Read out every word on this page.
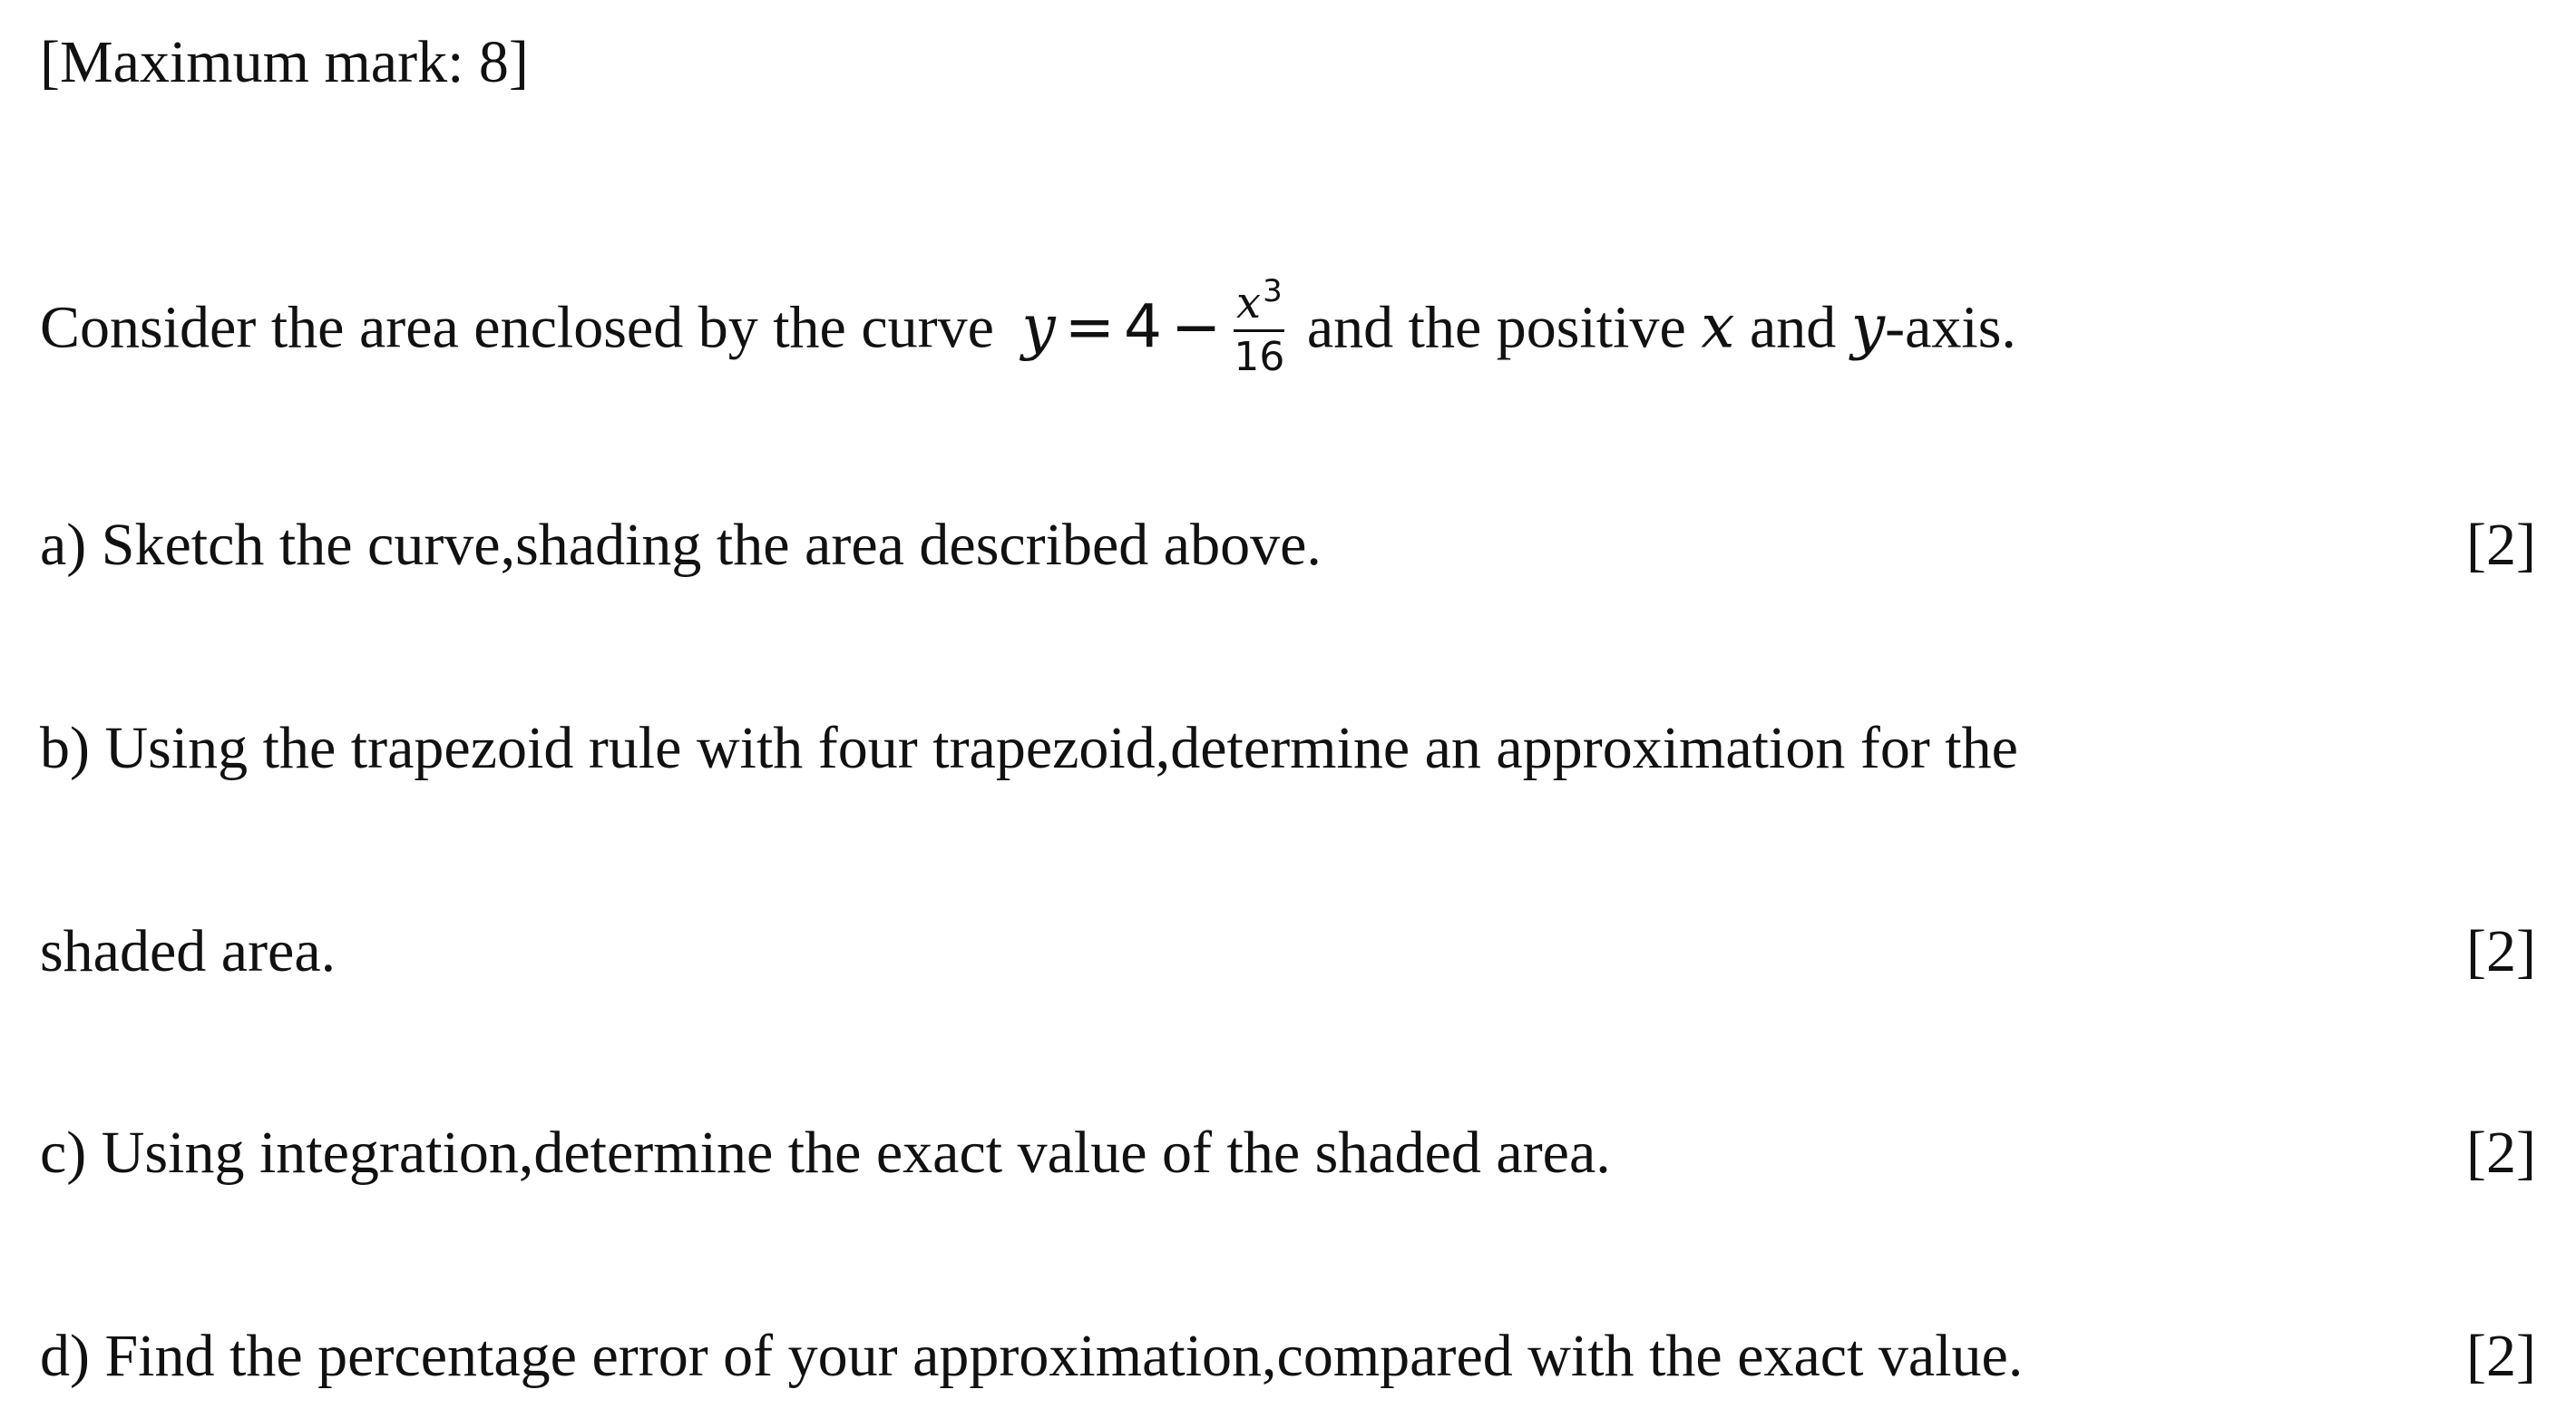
[Maximum mark: 8]
Consider the area enclosed by the curve $y = 4 - \frac{x^3}{16}$ and the positive x and y-axis.
a) Sketch the curve,shading the area described above.	[2]
b) Using the trapezoid rule with four trapezoid,determine an approximation for the
shaded area.	[2]
c) Using integration,determine the exact value of the shaded area.	[2]
d) Find the percentage error of your approximation,compared with the exact value.	[2]
